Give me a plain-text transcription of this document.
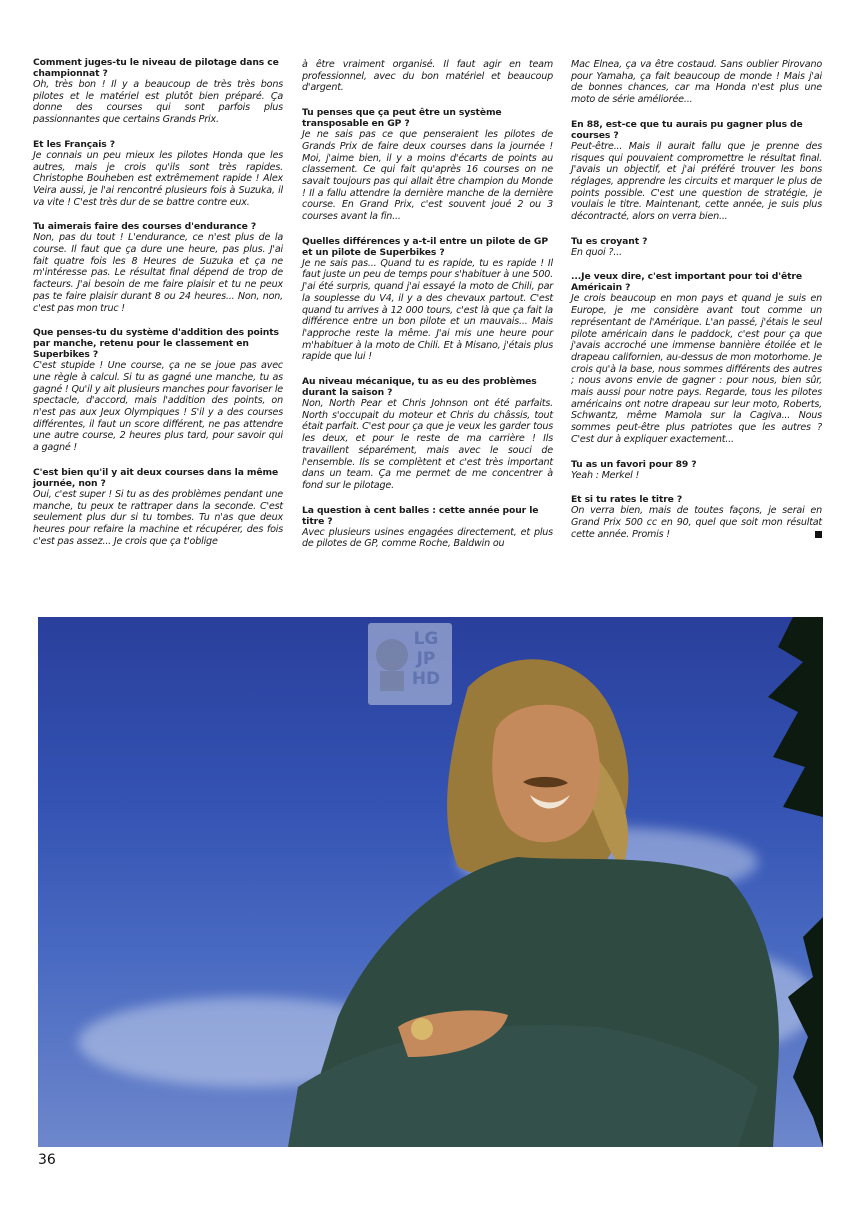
Comment juges-tu le niveau de pilotage dans ce championnat ?

Oh, très bon ! Il y a beaucoup de très très bons pilotes et le matériel est plutôt bien préparé. Ça donne des courses qui sont parfois plus passionnantes que certains Grands Prix.

Et les Français ?

Je connais un peu mieux les pilotes Honda que les autres, mais je crois qu'ils sont très rapides. Christophe Bouheben est extrêmement rapide ! Alex Veira aussi, je l'ai rencontré plusieurs fois à Suzuka, il va vite ! C'est très dur de se battre contre eux.

Tu aimerais faire des courses d'endurance ?

Non, pas du tout ! L'endurance, ce n'est plus de la course. Il faut que ça dure une heure, pas plus. J'ai fait quatre fois les 8 Heures de Suzuka et ça ne m'intéresse pas. Le résultat final dépend de trop de facteurs. J'ai besoin de me faire plaisir et tu ne peux pas te faire plaisir durant 8 ou 24 heures... Non, non, c'est pas mon truc !

Que penses-tu du système d'addition des points par manche, retenu pour le classement en Superbikes ?

C'est stupide ! Une course, ça ne se joue pas avec une règle à calcul. Si tu as gagné une manche, tu as gagné ! Qu'il y ait plusieurs manches pour favoriser le spectacle, d'accord, mais l'addition des points, on n'est pas aux Jeux Olympiques ! S'il y a des courses différentes, il faut un score différent, ne pas attendre une autre course, 2 heures plus tard, pour savoir qui a gagné !

C'est bien qu'il y ait deux courses dans la même journée, non ?

Oui, c'est super ! Si tu as des problèmes pendant une manche, tu peux te rattraper dans la seconde. C'est seulement plus dur si tu tombes. Tu n'as que deux heures pour refaire la machine et récupérer, des fois c'est pas assez... Je crois que ça t'oblige

à être vraiment organisé. Il faut agir en team professionnel, avec du bon matériel et beaucoup d'argent.

Tu penses que ça peut être un système transposable en GP ?

Je ne sais pas ce que penseraient les pilotes de Grands Prix de faire deux courses dans la journée ! Moi, j'aime bien, il y a moins d'écarts de points au classement. Ce qui fait qu'après 16 courses on ne savait toujours pas qui allait être champion du Monde ! Il a fallu attendre la dernière manche de la dernière course. En Grand Prix, c'est souvent joué 2 ou 3 courses avant la fin...

Quelles différences y a-t-il entre un pilote de GP et un pilote de Superbikes ?

Je ne sais pas... Quand tu es rapide, tu es rapide ! Il faut juste un peu de temps pour s'habituer à une 500. J'ai été surpris, quand j'ai essayé la moto de Chili, par la souplesse du V4, il y a des chevaux partout. C'est quand tu arrives à 12 000 tours, c'est là que ça fait la différence entre un bon pilote et un mauvais... Mais l'approche reste la même. J'ai mis une heure pour m'habituer à la moto de Chili. Et à Misano, j'étais plus rapide que lui !

Au niveau mécanique, tu as eu des problèmes durant la saison ?

Non, North Pear et Chris Johnson ont été parfaits. North s'occupait du moteur et Chris du châssis, tout était parfait. C'est pour ça que je veux les garder tous les deux, et pour le reste de ma carrière ! Ils travaillent séparément, mais avec le souci de l'ensemble. Ils se complètent et c'est très important dans un team. Ça me permet de me concentrer à fond sur le pilotage.

La question à cent balles : cette année pour le titre ?

Avec plusieurs usines engagées directement, et plus de pilotes de GP, comme Roche, Baldwin ou

Mac Elnea, ça va être costaud. Sans oublier Pirovano pour Yamaha, ça fait beaucoup de monde ! Mais j'ai de bonnes chances, car ma Honda n'est plus une moto de série améliorée...

En 88, est-ce que tu aurais pu gagner plus de courses ?

Peut-être... Mais il aurait fallu que je prenne des risques qui pouvaient compromettre le résultat final. J'avais un objectif, et j'ai préféré trouver les bons réglages, apprendre les circuits et marquer le plus de points possible. C'est une question de stratégie, je voulais le titre. Maintenant, cette année, je suis plus décontracté, alors on verra bien...

Tu es croyant ?

En quoi ?...

...Je veux dire, c'est important pour toi d'être Américain ?

Je crois beaucoup en mon pays et quand je suis en Europe, je me considère avant tout comme un représentant de l'Amérique. L'an passé, j'étais le seul pilote américain dans le paddock, c'est pour ça que j'avais accroché une immense bannière étoilée et le drapeau californien, au-dessus de mon motorhome. Je crois qu'à la base, nous sommes différents des autres ; nous avons envie de gagner : pour nous, bien sûr, mais aussi pour notre pays. Regarde, tous les pilotes américains ont notre drapeau sur leur moto, Roberts, Schwantz, même Mamola sur la Cagiva... Nous sommes peut-être plus patriotes que les autres ? C'est dur à expliquer exactement...

Tu as un favori pour 89 ?

Yeah : Merkel !

Et si tu rates le titre ?

On verra bien, mais de toutes façons, je serai en Grand Prix 500 cc en 90, quel que soit mon résultat cette année. Promis !

LG
JP
HD
36
